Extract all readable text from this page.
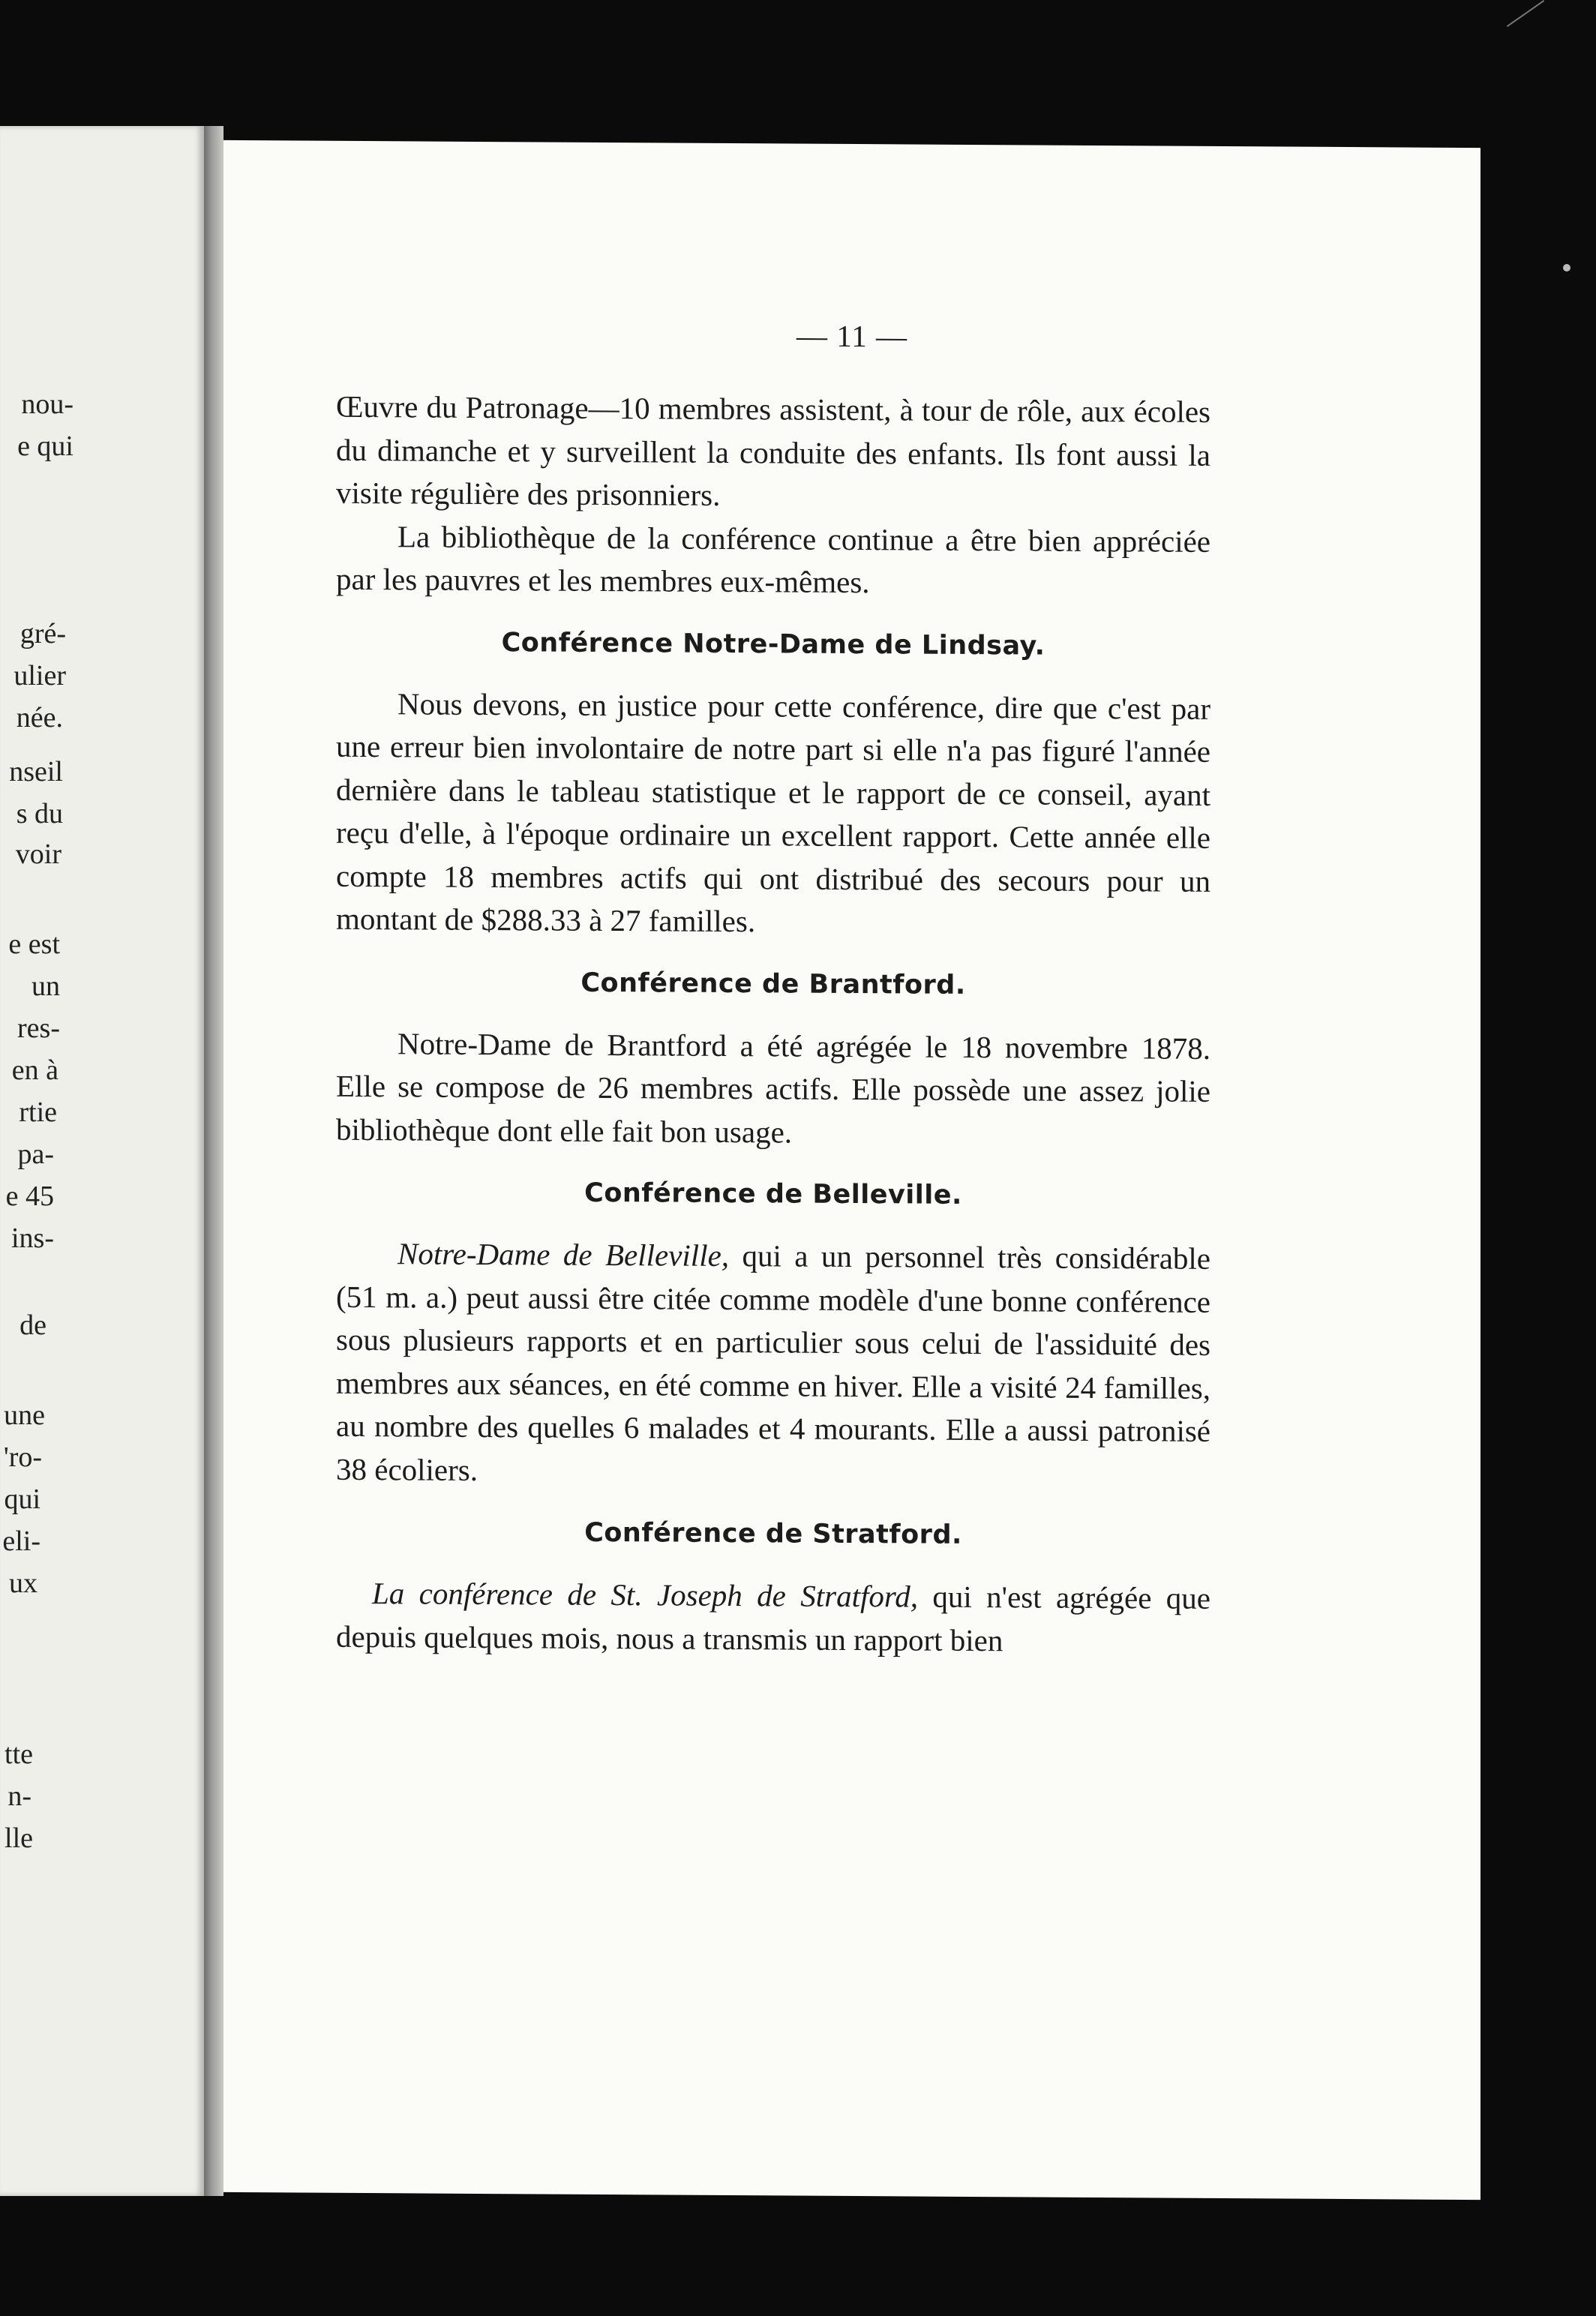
nou-
e qui
gré-
ulier
née.
nseil
s du
voir
e est
un
res-
en à
rtie
pa-
e 45
ins-
de
une
'ro-
qui
eli-
ux
tte
n-
lle
— 11 —

Œuvre du Patronage—10 membres assistent, à tour de rôle, aux écoles du dimanche et y surveillent la conduite des enfants. Ils font aussi la visite régulière des prisonniers.

La bibliothèque de la conférence continue a être bien appréciée par les pauvres et les membres eux-mêmes.

Conférence Notre-Dame de Lindsay.

Nous devons, en justice pour cette conférence, dire que c'est par une erreur bien involontaire de notre part si elle n'a pas figuré l'année dernière dans le tableau statistique et le rapport de ce conseil, ayant reçu d'elle, à l'époque ordinaire un excellent rapport. Cette année elle compte 18 membres actifs qui ont distribué des secours pour un montant de $288.33 à 27 familles.

Conférence de Brantford.

Notre-Dame de Brantford a été agrégée le 18 novembre 1878. Elle se compose de 26 membres actifs. Elle possède une assez jolie bibliothèque dont elle fait bon usage.

Conférence de Belleville.

Notre-Dame de Belleville, qui a un personnel très considérable (51 m. a.) peut aussi être citée comme modèle d'une bonne conférence sous plusieurs rapports et en particulier sous celui de l'assiduité des membres aux séances, en été comme en hiver. Elle a visité 24 familles, au nombre des quelles 6 malades et 4 mourants. Elle a aussi patronisé 38 écoliers.

Conférence de Stratford.

La conférence de St. Joseph de Stratford, qui n'est agrégée que depuis quelques mois, nous a transmis un rapport bien
